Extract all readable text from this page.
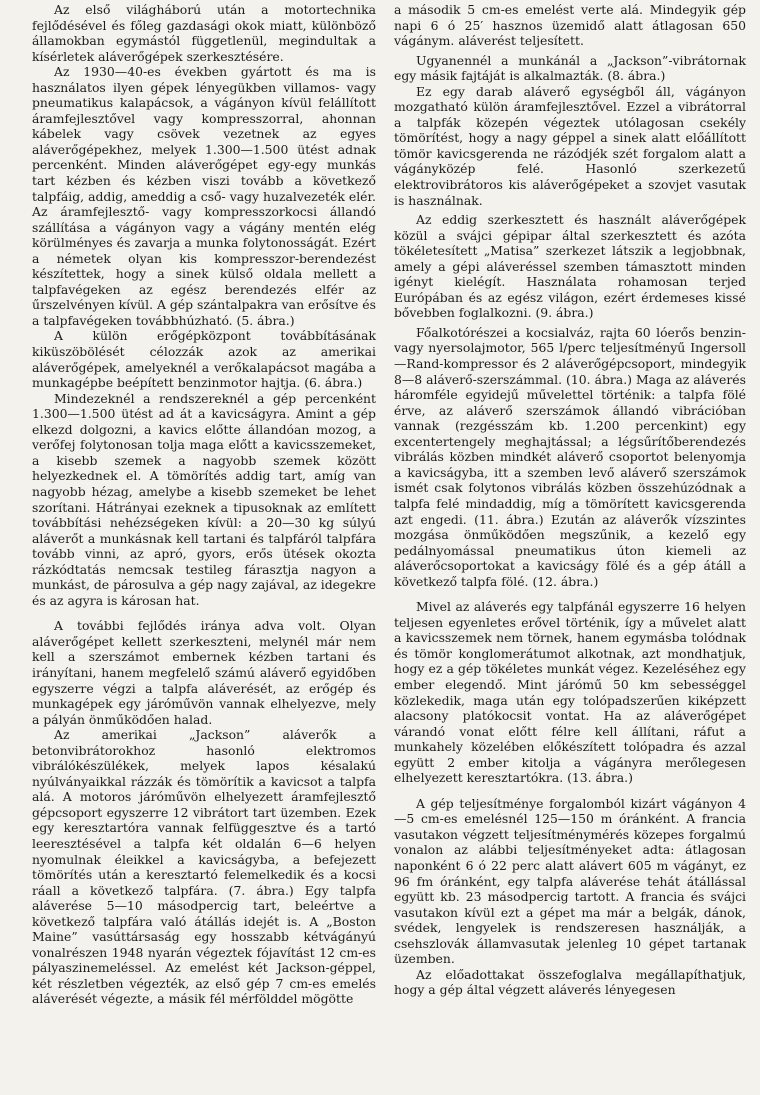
Az első világháború után a motortechnika fejlődésével és főleg gazdasági okok miatt, különböző államokban egymástól függetlenül, megindultak a kísérletek aláverőgépek szerkesztésére.

Az 1930—40-es években gyártott és ma is használatos ilyen gépek lényegükben villamos- vagy pneumatikus kalapácsok, a vágányon kívül felállított áramfejlesztővel vagy kompresszorral, ahonnan kábelek vagy csövek vezetnek az egyes aláverőgépekhez, melyek 1.300—1.500 ütést adnak percenként. Minden aláverőgépet egy-egy munkás tart kézben és kézben viszi tovább a következő talpfáig, addig, ameddig a cső- vagy huzalvezeték elér. Az áramfejlesztő- vagy kompresszorkocsi állandó szállítása a vágányon vagy a vágány mentén elég körülményes és zavarja a munka folytonosságát. Ezért a németek olyan kis kompresszor-berendezést készítettek, hogy a sinek külső oldala mellett a talpfavégeken az egész berendezés elfér az űrszelvényen kívül. A gép szántalpakra van erősítve és a talpfavégeken továbbhúzható. (5. ábra.)

A külön erőgépközpont továbbításának kiküszöbölését célozzák azok az amerikai aláverőgépek, amelyeknél a verőkalapácsot magába a munkagépbe beépített benzinmotor hajtja. (6. ábra.)

Mindezeknél a rendszereknél a gép percenként 1.300—1.500 ütést ad át a kavicságyra. Amint a gép elkezd dolgozni, a kavics előtte állandóan mozog, a verőfej folytonosan tolja maga előtt a kavicsszemeket, a kisebb szemek a nagyobb szemek között helyezkednek el. A tömörítés addig tart, amíg van nagyobb hézag, amelybe a kisebb szemeket be lehet szorítani. Hátrányai ezeknek a tipusoknak az említett továbbítási nehézségeken kívül: a 20—30 kg súlyú aláverőt a munkásnak kell tartani és talpfáról talpfára tovább vinni, az apró, gyors, erős ütések okozta rázkódtatás nemcsak testileg fárasztja nagyon a munkást, de párosulva a gép nagy zajával, az idegekre és az agyra is károsan hat.

A további fejlődés iránya adva volt. Olyan aláverőgépet kellett szerkeszteni, melynél már nem kell a szerszámot embernek kézben tartani és irányítani, hanem megfelelő számú aláverő egyidőben egyszerre végzi a talpfa aláverését, az erőgép és munkagépek egy járóművön vannak elhelyezve, mely a pályán önműködően halad.

Az amerikai „Jackson” aláverők a betonvibrátorokhoz hasonló elektromos vibrálókészülékek, melyek lapos késalakú nyúlványaikkal rázzák és tömörítik a kavicsot a talpfa alá. A motoros járóművön elhelyezett áramfejlesztő gépcsoport egyszerre 12 vibrátort tart üzemben. Ezek egy keresztartóra vannak felfüggesztve és a tartó leeresztésével a talpfa két oldalán 6—6 helyen nyomulnak éleikkel a kavicságyba, a befejezett tömörítés után a keresztartó felemelkedik és a kocsi ráall a következő talpfára. (7. ábra.) Egy talpfa aláverése 5—10 másodpercig tart, beleértve a következő talpfára való átállás idejét is. A „Boston Maine” vasúttársaság egy hosszabb kétvágányú vonalrészen 1948 nyarán végeztek fójavítást 12 cm-es pályaszinemeléssel. Az emelést két Jackson-géppel, két részletben végezték, az első gép 7 cm-es emelés aláverését végezte, a másik fél mérfölddel mögötte

a második 5 cm-es emelést verte alá. Mindegyik gép napi 6 ó 25′ hasznos üzemidő alatt átlagosan 650 vágánym. aláverést teljesített.

Ugyanennél a munkánál a „Jackson”-vibrátornak egy másik fajtáját is alkalmazták. (8. ábra.)

Ez egy darab aláverő egységből áll, vágányon mozgatható külön áramfejlesztővel. Ezzel a vibrátorral a talpfák közepén végeztek utólagosan csekély tömörítést, hogy a nagy géppel a sinek alatt előállított tömör kavicsgerenda ne rázódjék szét forgalom alatt a vágányközép felé. Hasonló szerkezetű elektrovibrátoros kis aláverőgépeket a szovjet vasutak is használnak.

Az eddig szerkesztett és használt aláverőgépek közül a svájci gépipar által szerkesztett és azóta tökéletesített „Matisa” szerkezet látszik a legjobbnak, amely a gépi aláveréssel szemben támasztott minden igényt kielégít. Használata rohamosan terjed Európában és az egész világon, ezért érdemeses kissé bővebben foglalkozni. (9. ábra.)

Főalkotórészei a kocsialváz, rajta 60 lóerős benzin- vagy nyersolajmotor, 565 l/perc teljesítményű Ingersoll—Rand-kompressor és 2 aláverőgépcsoport, mindegyik 8—8 aláverő-szerszámmal. (10. ábra.) Maga az aláverés háromféle egyidejű művelettel történik: a talpfa fölé érve, az aláverő szerszámok állandó vibrációban vannak (rezgésszám kb. 1.200 percenkint) egy excentertengely meghajtással; a légsűrítőberendezés vibrálás közben mindkét aláverő csoportot belenyomja a kavicságyba, itt a szemben levő aláverő szerszámok ismét csak folytonos vibrálás közben összehúzódnak a talpfa felé mindaddig, míg a tömörített kavicsgerenda azt engedi. (11. ábra.) Ezután az aláverők vízszintes mozgása önműködően megszűnik, a kezelő egy pedálnyomással pneumatikus úton kiemeli az aláverőcsoportokat a kavicságy fölé és a gép átáll a következő talpfa fölé. (12. ábra.)

Mivel az aláverés egy talpfánál egyszerre 16 helyen teljesen egyenletes erővel történik, így a művelet alatt a kavicsszemek nem törnek, hanem egymásba tolódnak és tömör konglomerátumot alkotnak, azt mondhatjuk, hogy ez a gép tökéletes munkát végez. Kezeléséhez egy ember elegendő. Mint járómű 50 km sebességgel közlekedik, maga után egy tolópadszerűen kiképzett alacsony platókocsit vontat. Ha az aláverőgépet várandó vonat előtt félre kell állítani, ráfut a munkahely közelében előkészített tolópadra és azzal együtt 2 ember kitolja a vágányra merőlegesen elhelyezett keresztartókra. (13. ábra.)

A gép teljesítménye forgalomból kizárt vágányon 4—5 cm-es emelésnél 125—150 m óránként. A francia vasutakon végzett teljesítménymérés közepes forgalmú vonalon az alábbi teljesítményeket adta: átlagosan naponként 6 ó 22 perc alatt alávert 605 m vágányt, ez 96 fm óránként, egy talpfa aláverése tehát átállással együtt kb. 23 másodpercig tartott. A francia és svájci vasutakon kívül ezt a gépet ma már a belgák, dánok, svédek, lengyelek is rendszeresen használják, a csehszlovák államvasutak jelenleg 10 gépet tartanak üzemben.

Az előadottakat összefoglalva megállapíthatjuk, hogy a gép által végzett aláverés lényegesen
